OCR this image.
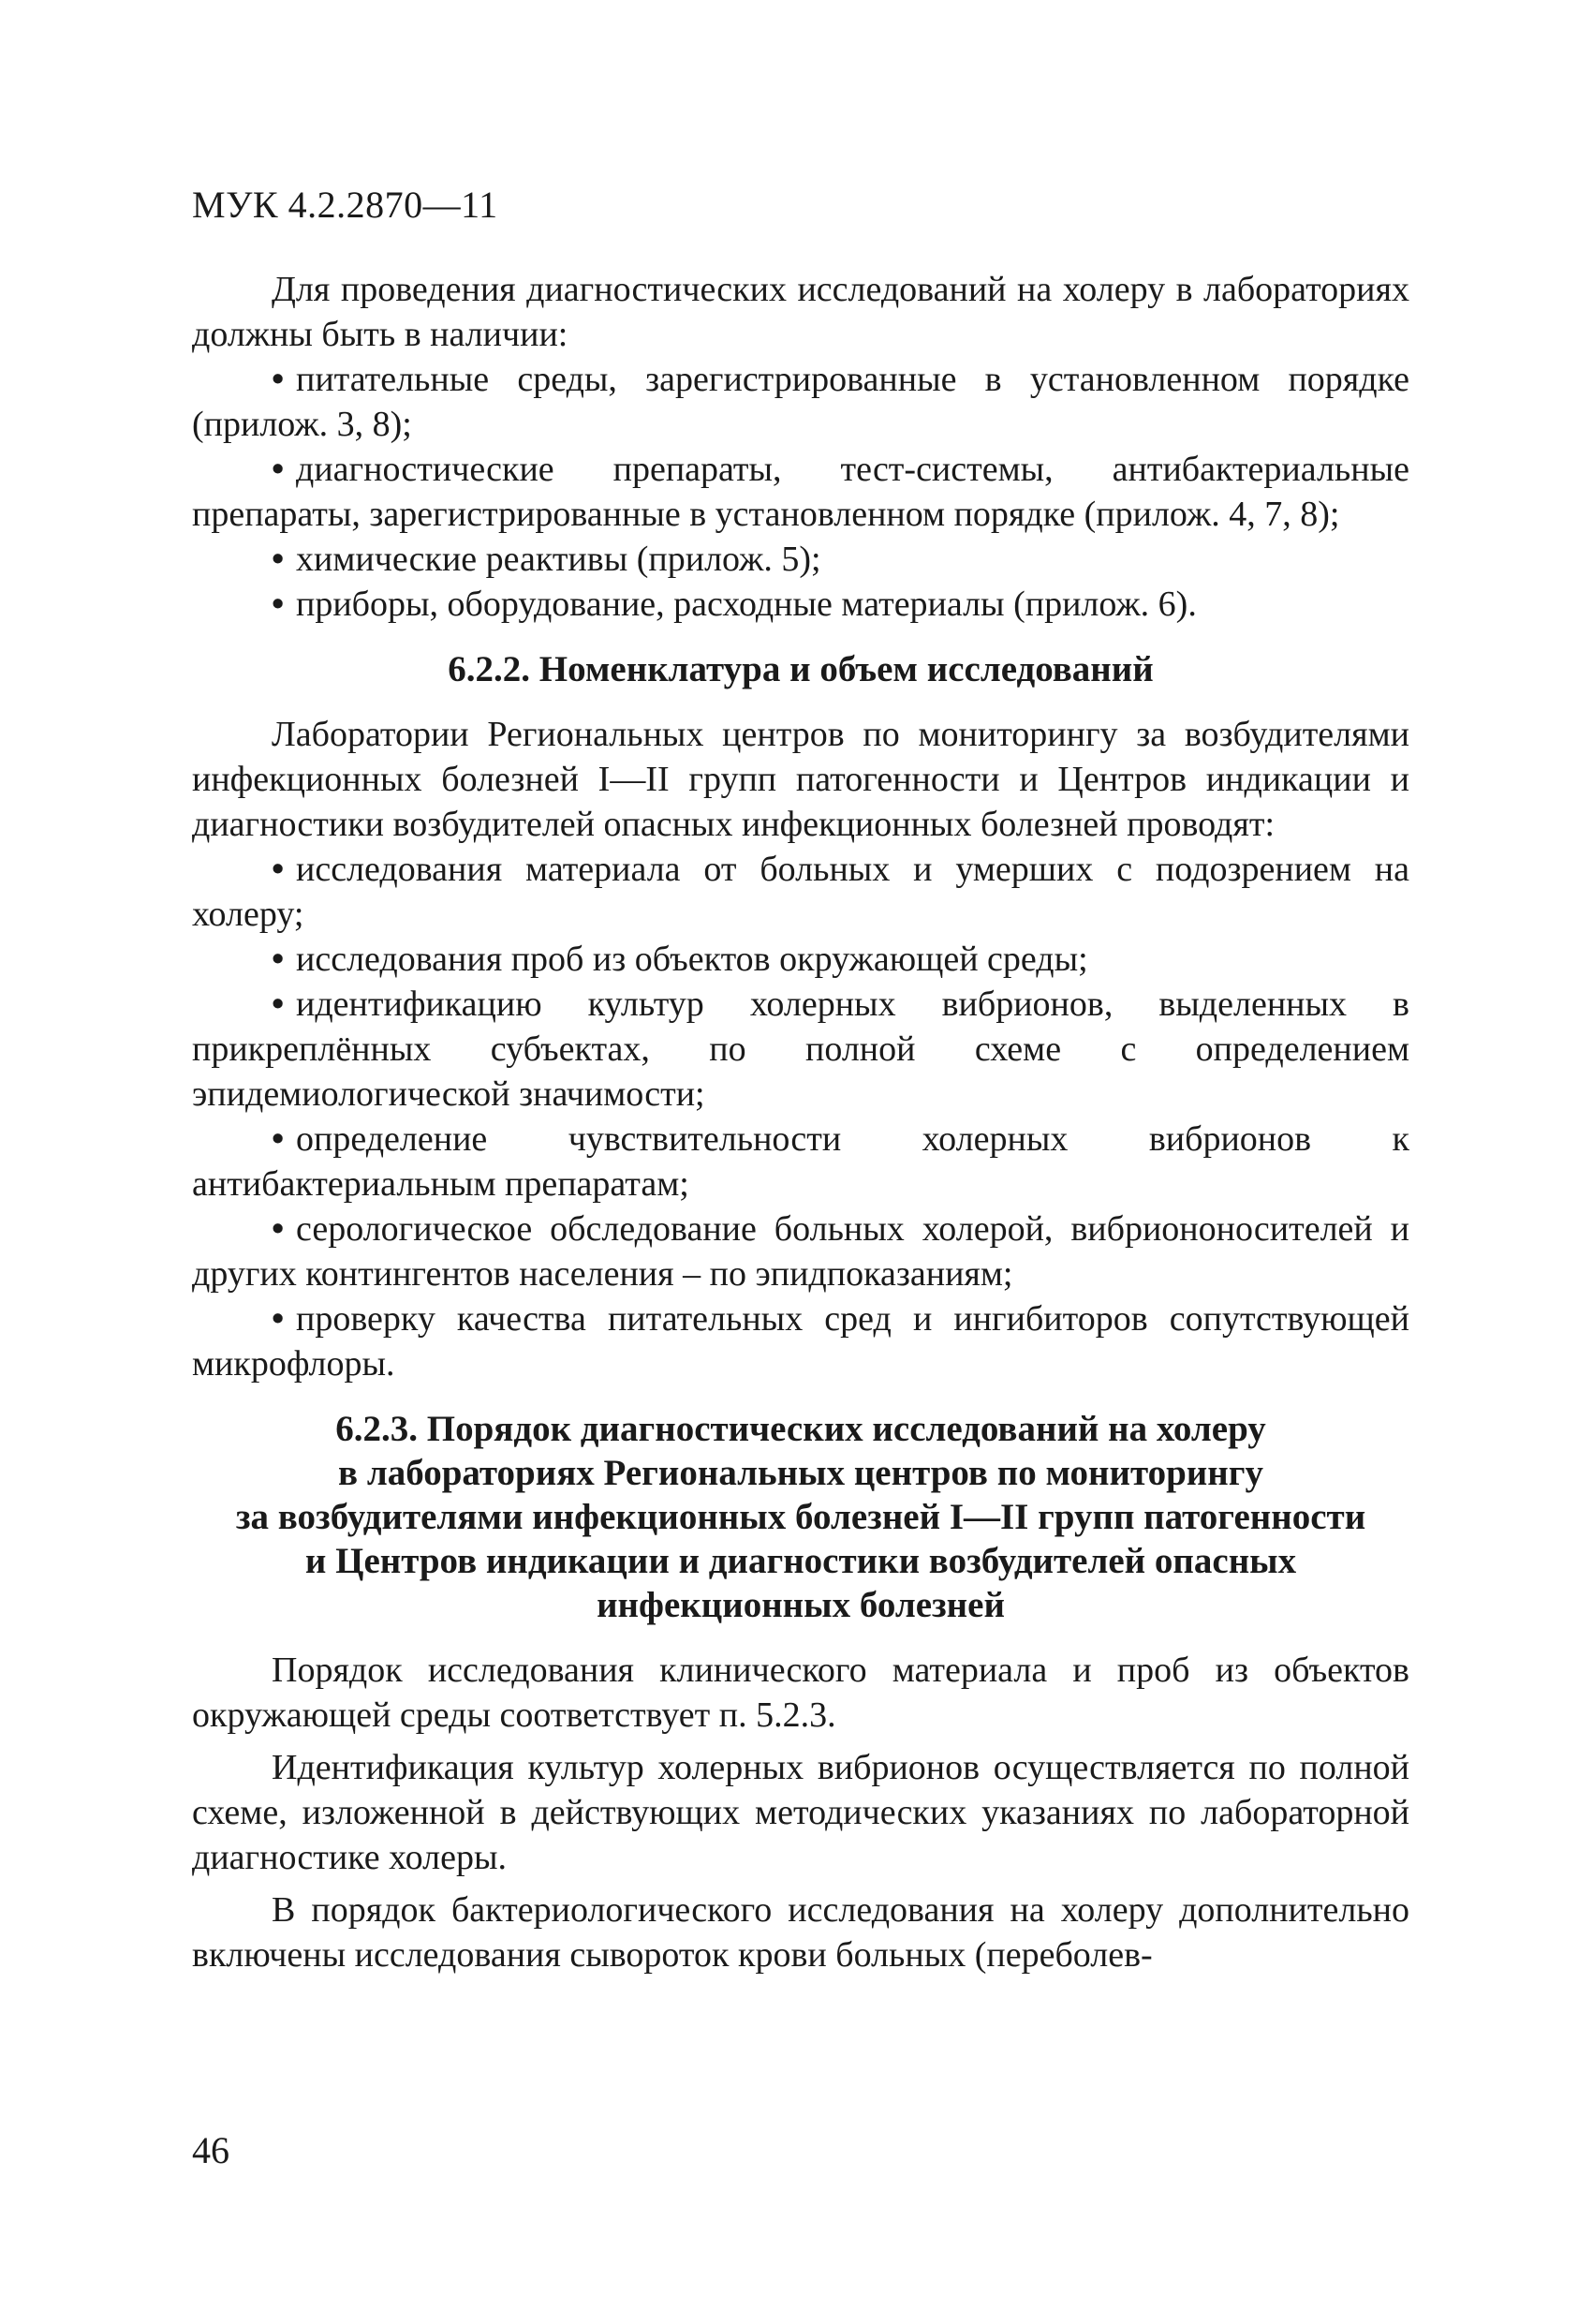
МУК 4.2.2870—11

Для проведения диагностических исследований на холеру в лабораториях должны быть в наличии:

• питательные среды, зарегистрированные в установленном порядке (прилож. 3, 8);

• диагностические препараты, тест-системы, антибактериальные препараты, зарегистрированные в установленном порядке (прилож. 4, 7, 8);

• химические реактивы (прилож. 5);

• приборы, оборудование, расходные материалы (прилож. 6).

6.2.2. Номенклатура и объем исследований

Лаборатории Региональных центров по мониторингу за возбудителями инфекционных болезней I—II групп патогенности и Центров индикации и диагностики возбудителей опасных инфекционных болезней проводят:

• исследования материала от больных и умерших с подозрением на холеру;

• исследования проб из объектов окружающей среды;

• идентификацию культур холерных вибрионов, выделенных в прикреплённых субъектах, по полной схеме с определением эпидемиологической значимости;

• определение чувствительности холерных вибрионов к антибактериальным препаратам;

• серологическое обследование больных холерой, вибриононосителей и других контингентов населения – по эпидпоказаниям;

• проверку качества питательных сред и ингибиторов сопутствующей микрофлоры.

6.2.3. Порядок диагностических исследований на холеру
в лабораториях Региональных центров по мониторингу
за возбудителями инфекционных болезней I—II групп патогенности
и Центров индикации и диагностики возбудителей опасных
инфекционных болезней

Порядок исследования клинического материала и проб из объектов окружающей среды соответствует п. 5.2.3.

Идентификация культур холерных вибрионов осуществляется по полной схеме, изложенной в действующих методических указаниях по лабораторной диагностике холеры.

В порядок бактериологического исследования на холеру дополнительно включены исследования сывороток крови больных (переболев-

46
